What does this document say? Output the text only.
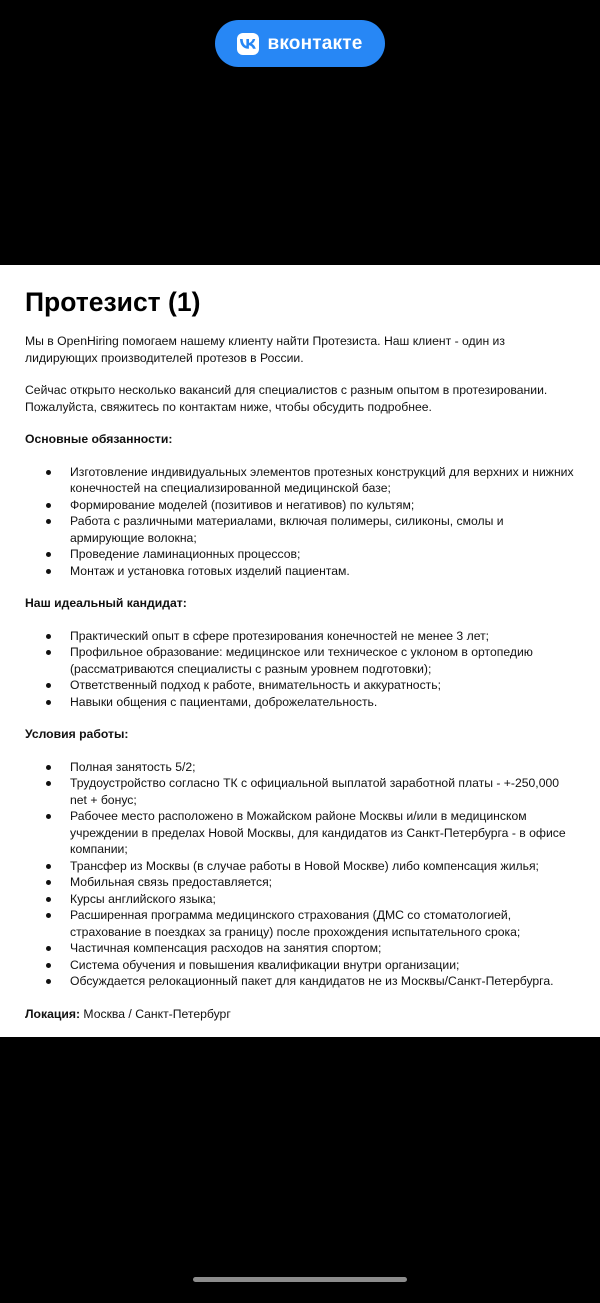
вконтакте
Протезист (1)

Мы в OpenHiring помогаем нашему клиенту найти Протезиста. Наш клиент - один из лидирующих производителей протезов в России.

Сейчас открыто несколько вакансий для специалистов с разным опытом в протезировании. Пожалуйста, свяжитесь по контактам ниже, чтобы обсудить подробнее.

Основные обязанности:

Изготовление индивидуальных элементов протезных конструкций для верхних и нижних конечностей на специализированной медицинской базе;
Формирование моделей (позитивов и негативов) по культям;
Работа с различными материалами, включая полимеры, силиконы, смолы и армирующие волокна;
Проведение ламинационных процессов;
Монтаж и установка готовых изделий пациентам.

Наш идеальный кандидат:

Практический опыт в сфере протезирования конечностей не менее 3 лет;
Профильное образование: медицинское или техническое с уклоном в ортопедию (рассматриваются специалисты с разным уровнем подготовки);
Ответственный подход к работе, внимательность и аккуратность;
Навыки общения с пациентами, доброжелательность.

Условия работы:

Полная занятость 5/2;
Трудоустройство согласно ТК с официальной выплатой заработной платы - +-250,000 net + бонус;
Рабочее место расположено в Можайском районе Москвы и/или в медицинском учреждении в пределах Новой Москвы, для кандидатов из Санкт-Петербурга - в офисе компании;
Трансфер из Москвы (в случае работы в Новой Москве) либо компенсация жилья;
Мобильная связь предоставляется;
Курсы английского языка;
Расширенная программа медицинского страхования (ДМС со стоматологией, страхование в поездках за границу) после прохождения испытательного срока;
Частичная компенсация расходов на занятия спортом;
Система обучения и повышения квалификации внутри организации;
Обсуждается релокационный пакет для кандидатов не из Москвы/Санкт-Петербурга.

Локация: Москва / Санкт-Петербург
